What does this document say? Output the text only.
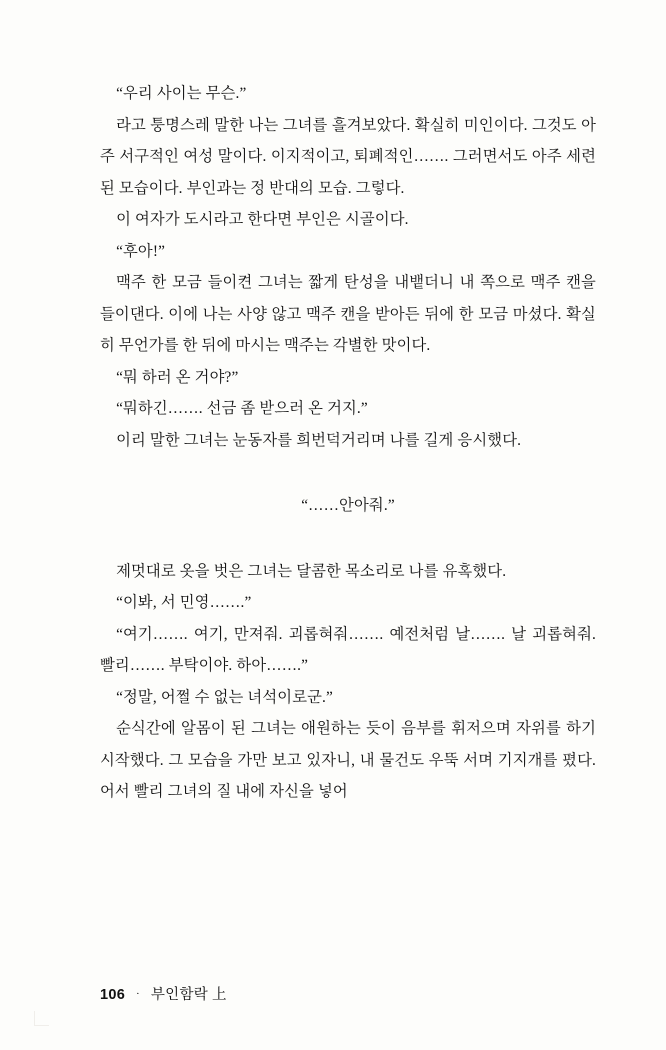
“우리 사이는 무슨.”

라고 퉁명스레 말한 나는 그녀를 흘겨보았다. 확실히 미인이다. 그것도 아주 서구적인 여성 말이다. 이지적이고, 퇴폐적인……. 그러면서도 아주 세련된 모습이다. 부인과는 정 반대의 모습. 그렇다.

이 여자가 도시라고 한다면 부인은 시골이다.

“후아!”

맥주 한 모금 들이켠 그녀는 짧게 탄성을 내뱉더니 내 쪽으로 맥주 캔을 들이댄다. 이에 나는 사양 않고 맥주 캔을 받아든 뒤에 한 모금 마셨다. 확실히 무언가를 한 뒤에 마시는 맥주는 각별한 맛이다.

“뭐 하러 온 거야?”

“뭐하긴……. 선금 좀 받으러 온 거지.”

이리 말한 그녀는 눈동자를 희번덕거리며 나를 길게 응시했다.

“……안아줘.”

제멋대로 옷을 벗은 그녀는 달콤한 목소리로 나를 유혹했다.

“이봐, 서 민영…….”

“여기……. 여기, 만져줘. 괴롭혀줘……. 예전처럼 날……. 날 괴롭혀줘. 빨리……. 부탁이야. 하아…….”

“정말, 어쩔 수 없는 녀석이로군.”

순식간에 알몸이 된 그녀는 애원하는 듯이 음부를 휘저으며 자위를 하기 시작했다. 그 모습을 가만 보고 있자니, 내 물건도 우뚝 서며 기지개를 폈다. 어서 빨리 그녀의 질 내에 자신을 넣어

106 · 부인함락 上
